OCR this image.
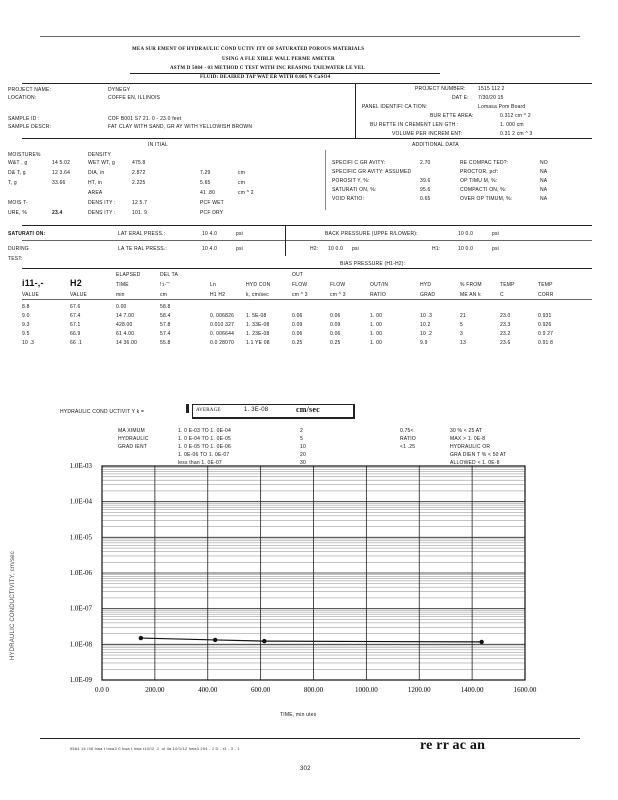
MEA SUR EMENT OF HYDRAULIC COND UCTIV ITY OF SATURATED POROUS MATERIALS
USING A FLE XIBLE WALL PERME AMETER
ASTM D 5084 - 03 METHOD C TEST WITH INC REASING TAILWATER LE VEL
FLUID: DEAIRED TAP WAT ER WITH 0.005 N CaSO4
PROJECT NAME:	DYNEGY
LOCATION:	COFFE EN, ILLINOIS
SAMPLE ID :	COF B001 S7 21. 0 - 23.0 feet
SAMPLE DESCR:	FAT CLAY WITH SAND, GR AY WITH YELLOWISH BROWN
PROJECT NUMBER: 1515 112 2
DAT E: 7/30/20 15
PANEL IDENTIFI CA TION:	Lomasa Pom Board
BUR ETTE AREA:	0.312 cm ^ 2
BU RETTE IN CREMENT LEN GTH :	1. 000 cm
VOLUME PER INCREM ENT:	0.31 2 cm ^ 3
IN ITIAL	ADDITIONAL DATA
MOISTURE%	DENSITY
W&T , g	14 5.02	WET WT, g	475.8
D& T, g	12 3.64	DIA, in	2.872	7.29	cm
T, g	33.66	HT, in	2.225	5.65	cm
AREA	41 .80	cm ^ 2
MOIS T-	DENS ITY :	12 5.7	PCF WET
URE, %	23.4	DENS ITY :	101. 9	PCF DRY
SPECIFI C GR AVITY:	2.70	RE COMPAC TED?:	NO
SPECIFIC GR AVITY: ASSUMED	PROCTOR, pcf:	NA
POROSIT Y, %:	39.6	OP TIMU M, %:	NA
SATURATI ON, %:	95.6	COMPACTI ON, %:	NA
VOID RATIO:	0.65	OVER OP TIMUM, %:	NA
SATURATI ON:	LAT ERAL PRESS.:	10 4.0	psi	BACK PRESSURE (UPPE R/LOWER):	10 0.0	psi
DURING	LA TE RAL PRESS.:	10 4.0	psi	H2: 10 0.0 psi	H1:	10 0.0	psi
TEST:
BIAS PRESSURE (H1-H2):
ELAPSED	DEL TA	OUT
i11-,-	H2	TIME	!:i-'''	Ln	HYD CON	FLOW	FLOW	OUT/IN	HYD	% FROM	TEMP	TEMP
VALUE	VALUE	min	cm	H1 H2	k, cm/sec	cm ^ 3	cm ^ 3	RATIO	GRAD	ME AN k	C	CORR
8.8	67.6	0.00	58.8
9.0	67.4	14 7.00	58.4	0. 006826 1. 5E-08	0.06	0.06	1. 00	10 .3	21	23.0	0.931
9.3	67.1	428.00	57.8	0.010 327 1. 33E-08	0.09	0.09	1. 00	10.2	5	23.3	0.926
9.5	66.9	61 4.00	57.4	0. 006644 1. 23E-08	0.06	0.06	1. 00	10 .2	3	23.2	0.9 27
10 .3	66 .1	14 36.00	55.8	0.0 28070 1.1 YE 08	0.25	0.25	1. 00	9.9	13	23.6	0.91 8
HYDRAULIC COND UCTIVIT Y k =	AVERAGE	1. 3E-08	cm/sec
MA XIMUM	1. 0 E-03 TO 1. 0E-04	2	0.75<	30 % < 25 AT
HYDRAULIC	1. 0 E-04 TO 1. 0E-05	5	RATIO	MAX > 1. 0E-8
GRAD IENT	1. 0 E-05 TO 1. 0E-06	10	<1 .25	HYDRAULIC OR
1. 0E-06 TO 1. 0E-07	20	GRA DIEN T % < 50 AT
less than 1. 0E-07	30	ALLOWED < 1. 0E-8
1.0E-03
1.0E-04
1.0E-05
1.0E-06
1.0E-07
1.0E-08
1.0E-09
0.0 0	200.00	400.00	600.00	800.00	1000.00	1200.00	1400.00	1600.00
HYDRAULIC CONDUCTIVITY, cm/sec
TIME, min utes
5564 14 /48 hwa t hwa3 0 hwa t hwa t10/I2 .1 .ul lla 10/1/12 hwa3 204 - 1 D - t3 - 3 - 1	re rr ac an
302
